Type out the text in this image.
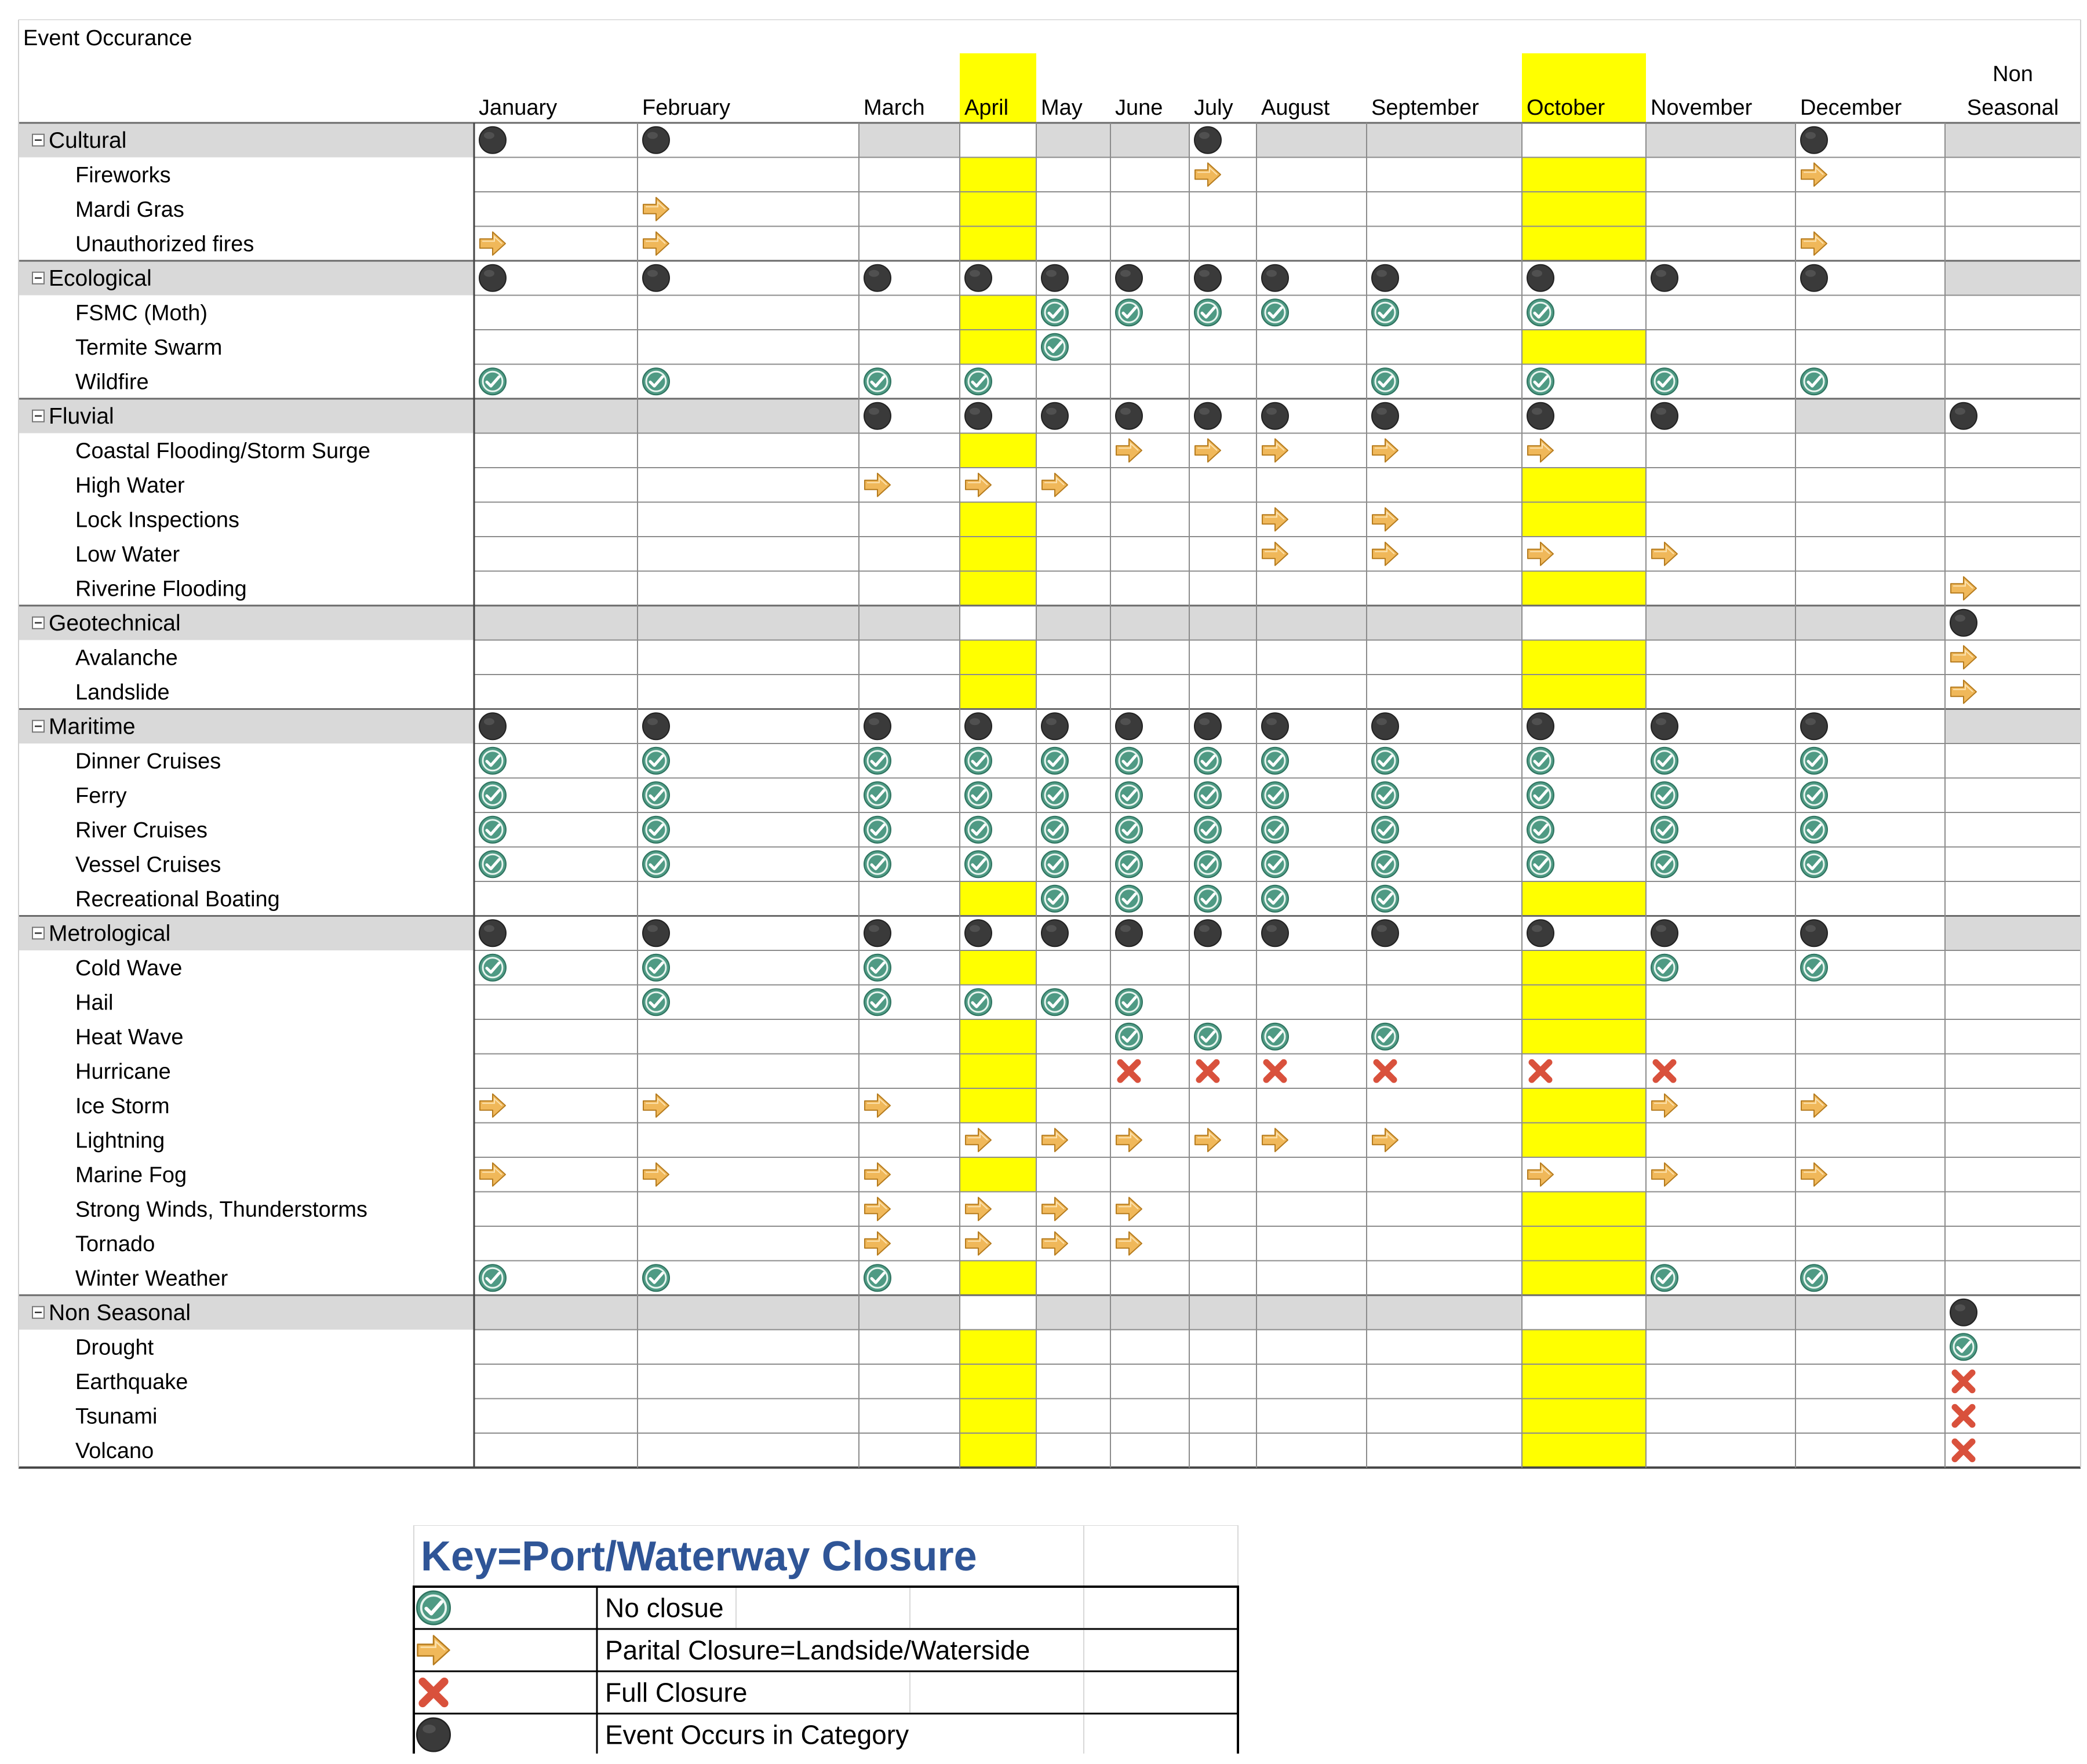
January	February	March April May June July August September October November December
Non
Seasonal
Cultural
Fireworks
Mardi Gras
Unauthorized fires
Ecological
FSMC (Moth)
Termite Swarm
Wildfire
Fluvial
Coastal Flooding/Storm Surge
High Water
Lock Inspections
Low Water
Riverine Flooding
Geotechnical
Avalanche
Landslide
Maritime
Dinner Cruises
Ferry
River Cruises
Vessel Cruises
Recreational Boating
Metrological
Cold Wave
Hail
Heat Wave
Hurricane
Ice Storm
Lightning
Marine Fog
Strong Winds, Thunderstorms
Tornado
Winter Weather
Non Seasonal
Drought
Earthquake
Tsunami
Volcano
Event Occurance
Key=Port/Waterway Closure
No closue
Parital Closure=Landside/Waterside
Full Closure
Event Occurs in Category
